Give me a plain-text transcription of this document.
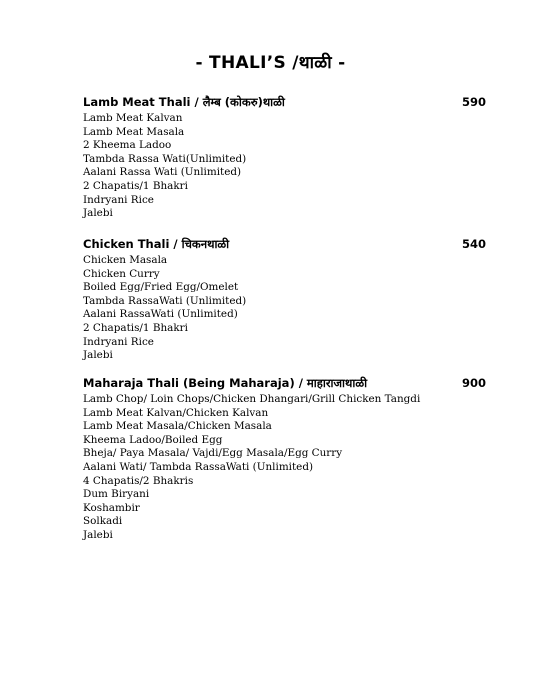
- THALI’S /थाळी -
Lamb Meat Thali / लैम्ब (कोकरु)थाळी	590
Lamb Meat Kalvan
Lamb Meat Masala
2 Kheema Ladoo
Tambda Rassa Wati(Unlimited)
Aalani Rassa Wati (Unlimited)
2 Chapatis/1 Bhakri
Indryani Rice
Jalebi
Chicken Thali / चिकनथाळी	540
Chicken Masala
Chicken Curry
Boiled Egg/Fried Egg/Omelet
Tambda RassaWati (Unlimited)
Aalani RassaWati (Unlimited)
2 Chapatis/1 Bhakri
Indryani Rice
Jalebi
Maharaja Thali (Being Maharaja) / माहाराजाथाळी	900
Lamb Chop/ Loin Chops/Chicken Dhangari/Grill Chicken Tangdi
Lamb Meat Kalvan/Chicken Kalvan
Lamb Meat Masala/Chicken Masala
Kheema Ladoo/Boiled Egg
Bheja/ Paya Masala/ Vajdi/Egg Masala/Egg Curry
Aalani Wati/ Tambda RassaWati (Unlimited)
4 Chapatis/2 Bhakris
Dum Biryani
Koshambir
Solkadi
Jalebi
